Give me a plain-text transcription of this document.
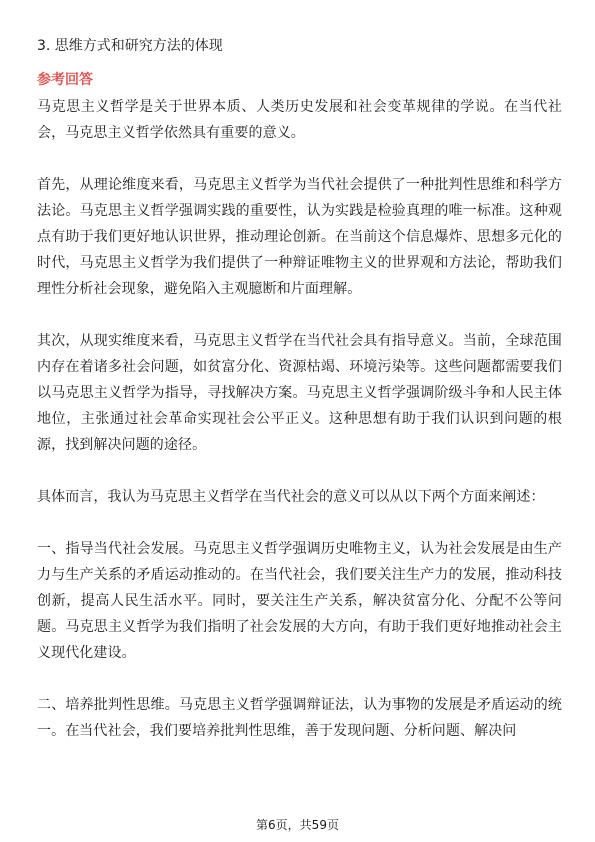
3. 思维方式和研究方法的体现
参考回答

马克思主义哲学是关于世界本质、人类历史发展和社会变革规律的学说。在当代社会，马克思主义哲学依然具有重要的意义。

首先，从理论维度来看，马克思主义哲学为当代社会提供了一种批判性思维和科学方法论。马克思主义哲学强调实践的重要性，认为实践是检验真理的唯一标准。这种观点有助于我们更好地认识世界，推动理论创新。在当前这个信息爆炸、思想多元化的时代，马克思主义哲学为我们提供了一种辩证唯物主义的世界观和方法论，帮助我们理性分析社会现象，避免陷入主观臆断和片面理解。

其次，从现实维度来看，马克思主义哲学在当代社会具有指导意义。当前，全球范围内存在着诸多社会问题，如贫富分化、资源枯竭、环境污染等。这些问题都需要我们以马克思主义哲学为指导，寻找解决方案。马克思主义哲学强调阶级斗争和人民主体地位，主张通过社会革命实现社会公平正义。这种思想有助于我们认识到问题的根源，找到解决问题的途径。

具体而言，我认为马克思主义哲学在当代社会的意义可以从以下两个方面来阐述：

一、指导当代社会发展。马克思主义哲学强调历史唯物主义，认为社会发展是由生产力与生产关系的矛盾运动推动的。在当代社会，我们要关注生产力的发展，推动科技创新，提高人民生活水平。同时，要关注生产关系，解决贫富分化、分配不公等问题。马克思主义哲学为我们指明了社会发展的大方向，有助于我们更好地推动社会主义现代化建设。

二、培养批判性思维。马克思主义哲学强调辩证法，认为事物的发展是矛盾运动的统一。在当代社会，我们要培养批判性思维，善于发现问题、分析问题、解决问

第6页，共59页
